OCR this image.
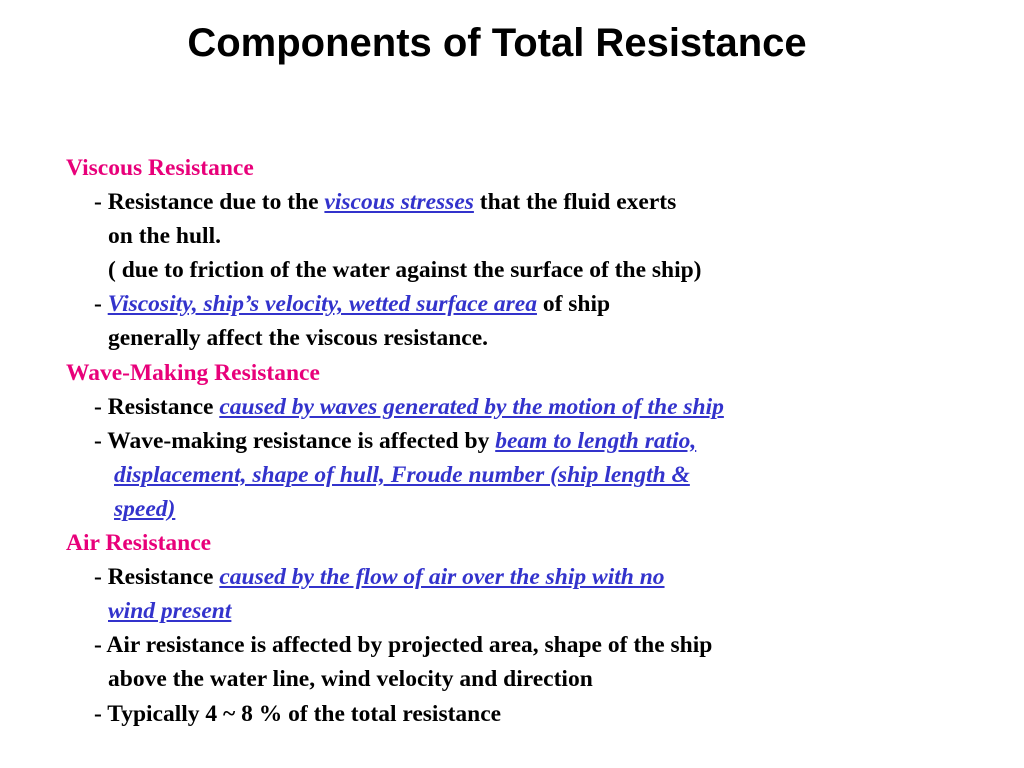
Components of Total Resistance
Viscous Resistance
- Resistance due to the viscous stresses that the fluid exerts
on the hull.
( due to friction of the water against the surface of the ship)
- Viscosity, ship’s velocity, wetted surface area of ship
generally affect the viscous resistance.
Wave-Making Resistance
- Resistance caused by waves generated by the motion of the ship
- Wave-making resistance is affected by beam to length ratio,
displacement, shape of hull, Froude number (ship length &
speed)
Air Resistance
- Resistance caused by the flow of air over the ship with no
wind present
- Air resistance is affected by projected area, shape of the ship
above the water line, wind velocity and direction
- Typically 4 ~ 8 % of the total resistance
